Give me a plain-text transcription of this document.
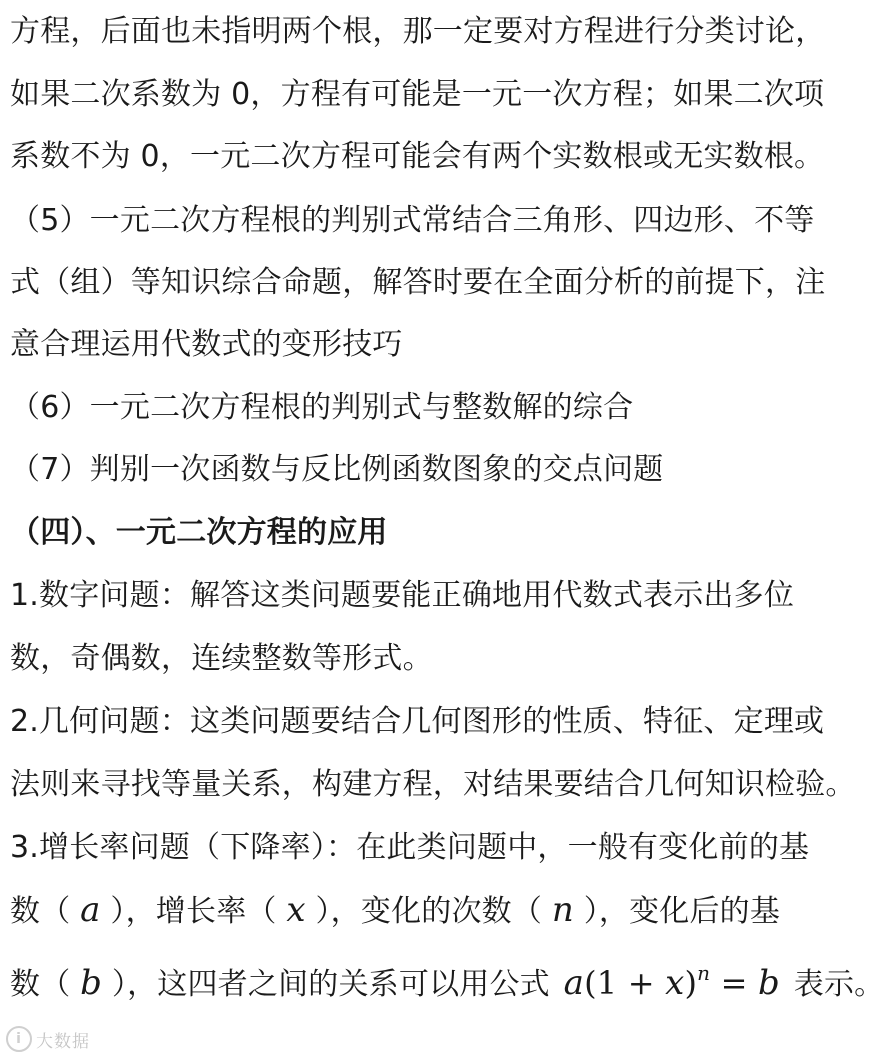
方程，后面也未指明两个根，那一定要对方程进行分类讨论，
如果二次系数为 0，方程有可能是一元一次方程；如果二次项
系数不为 0，一元二次方程可能会有两个实数根或无实数根。
（5）一元二次方程根的判别式常结合三角形、四边形、不等
式（组）等知识综合命题，解答时要在全面分析的前提下，注
意合理运用代数式的变形技巧
（6）一元二次方程根的判别式与整数解的综合
（7）判别一次函数与反比例函数图象的交点问题
（四）、一元二次方程的应用
1.数字问题：解答这类问题要能正确地用代数式表示出多位
数，奇偶数，连续整数等形式。
2.几何问题：这类问题要结合几何图形的性质、特征、定理或
法则来寻找等量关系，构建方程，对结果要结合几何知识检验。
3.增长率问题（下降率）：在此类问题中，一般有变化前的基
数（ a ），增长率（ x ），变化的次数（ n ），变化后的基
数（ b ），这四者之间的关系可以用公式 $a(1 + x)^n = b$ 表示。
i 大数据
